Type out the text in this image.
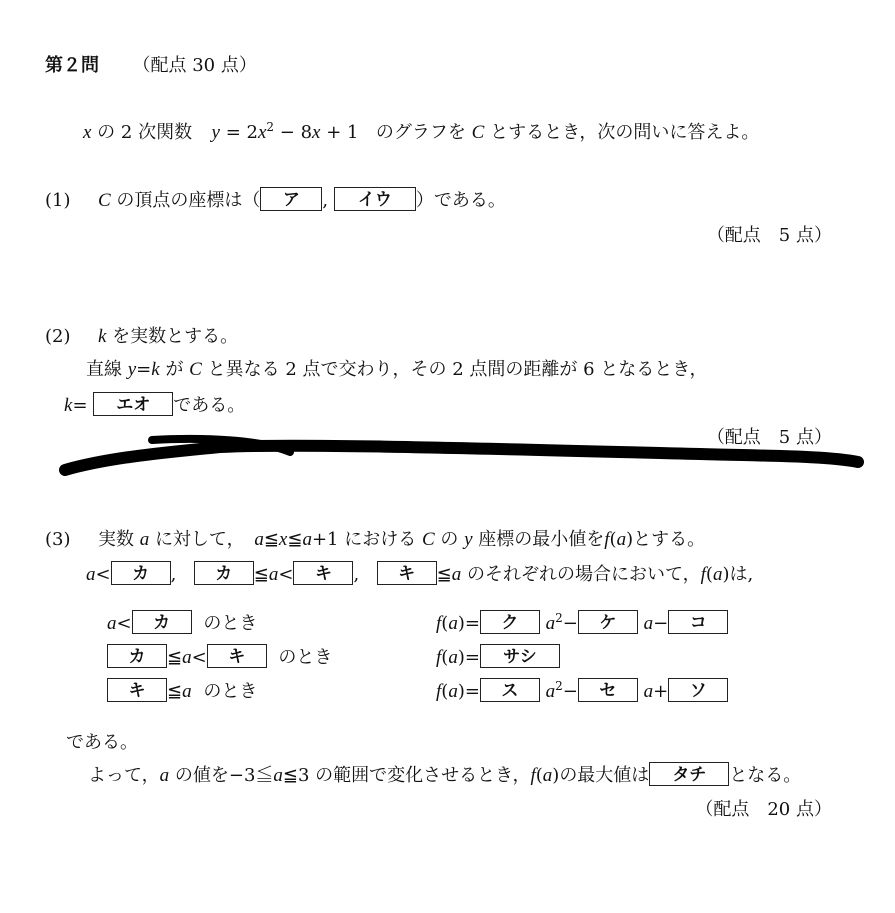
第２問 （配点 30 点）
x の 2 次関数 $y = 2x^2 - 8x + 1$ のグラフを C とするとき，次の問いに答えよ。
(1) C の頂点の座標は（ ア , イウ ）である。
（配点　5 点）
(2) k を実数とする。
直線 y=k が C と異なる 2 点で交わり，その 2 点間の距離が 6 となるとき，
k= エオ である。
（配点　5 点）
(3) 実数 a に対して， a≦x≦a+1 における C の y 座標の最小値をf(a)とする。
a< カ ,  カ ≦a< キ ,  キ ≦a のそれぞれの場合において，f(a)は,
a< カ のとき
カ ≦a< キ のとき
キ ≦a のとき
f(a)= ク $a^2-$ ケ a− コ
f(a)= サシ
f(a)= ス $a^2-$ セ a+ ソ
である。
よって，a の値を−3≦a≦3 の範囲で変化させるとき，f(a)の最大値は タチ となる。
（配点　20 点）
